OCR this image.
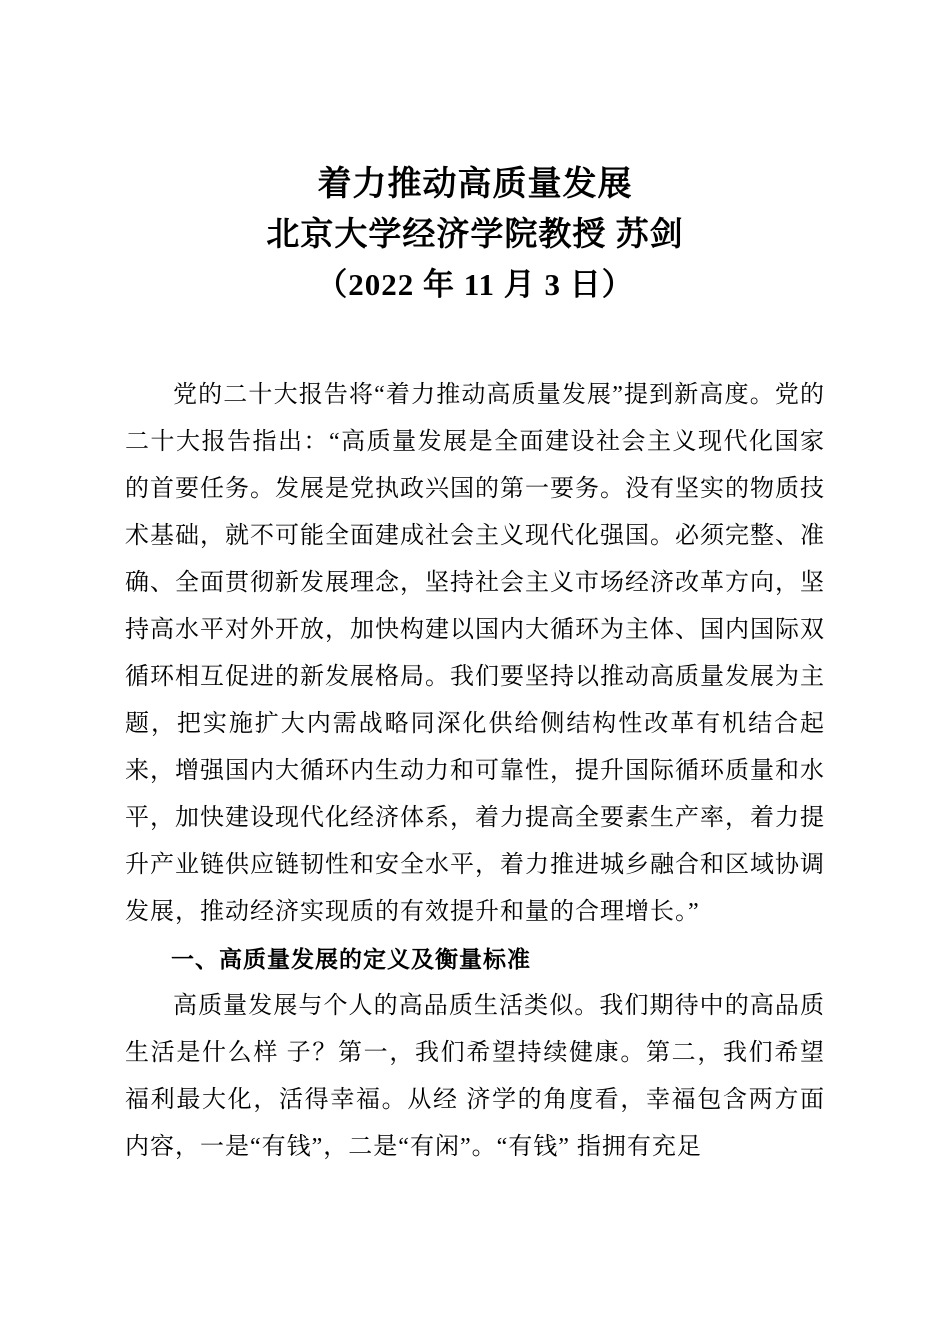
着力推动高质量发展
北京大学经济学院教授 苏剑
（2022 年 11 月 3 日）

党的二十大报告将“着力推动高质量发展”提到新高度。党的二十大报告指出：“高质量发展是全面建设社会主义现代化国家的首要任务。发展是党执政兴国的第一要务。没有坚实的物质技术基础，就不可能全面建成社会主义现代化强国。必须完整、准确、全面贯彻新发展理念，坚持社会主义市场经济改革方向，坚持高水平对外开放，加快构建以国内大循环为主体、国内国际双循环相互促进的新发展格局。我们要坚持以推动高质量发展为主题，把实施扩大内需战略同深化供给侧结构性改革有机结合起来，增强国内大循环内生动力和可靠性，提升国际循环质量和水平，加快建设现代化经济体系，着力提高全要素生产率，着力提升产业链供应链韧性和安全水平，着力推进城乡融合和区域协调发展，推动经济实现质的有效提升和量的合理增长。”

一、高质量发展的定义及衡量标准

高质量发展与个人的高品质生活类似。我们期待中的高品质生活是什么样 子？第一，我们希望持续健康。第二，我们希望福利最大化，活得幸福。从经 济学的角度看，幸福包含两方面内容，一是“有钱”，二是“有闲”。“有钱” 指拥有充足
